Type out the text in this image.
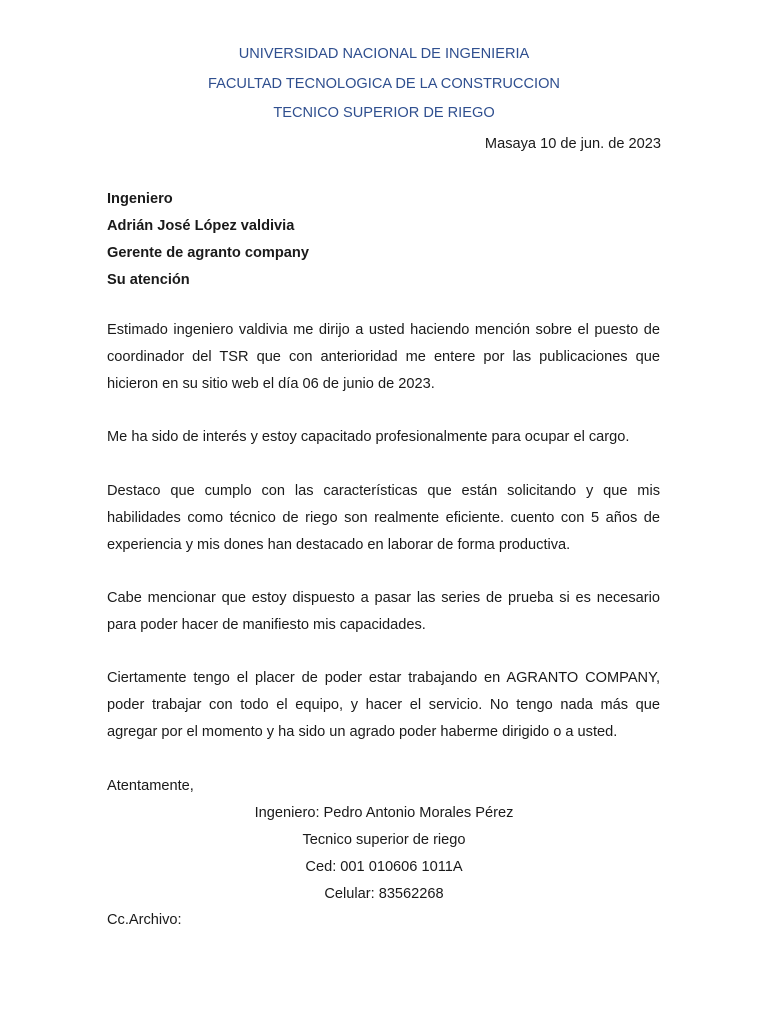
UNIVERSIDAD NACIONAL DE INGENIERIA
FACULTAD TECNOLOGICA DE LA CONSTRUCCION
TECNICO SUPERIOR DE RIEGO
Masaya 10 de jun. de 2023
Ingeniero
Adrián José López valdivia
Gerente de agranto company
Su atención

Estimado ingeniero valdivia me dirijo a usted haciendo mención sobre el puesto de coordinador del TSR que con anterioridad me entere por las publicaciones que hicieron en su sitio web el día 06 de junio de 2023.

Me ha sido de interés y estoy capacitado profesionalmente para ocupar el cargo.

Destaco que cumplo con las características que están solicitando y que mis habilidades como técnico de riego son realmente eficiente. cuento con 5 años de experiencia y mis dones han destacado en laborar de forma productiva.

Cabe mencionar que estoy dispuesto a pasar las series de prueba si es necesario para poder hacer de manifiesto mis capacidades.

Ciertamente tengo el placer de poder estar trabajando en AGRANTO COMPANY, poder trabajar con todo el equipo, y hacer el servicio. No tengo nada más que agregar por el momento y ha sido un agrado poder haberme dirigido o a usted.

Atentamente,
Ingeniero: Pedro Antonio Morales Pérez
Tecnico superior de riego
Ced: 001 010606 1011A
Celular: 83562268
Cc.Archivo:
